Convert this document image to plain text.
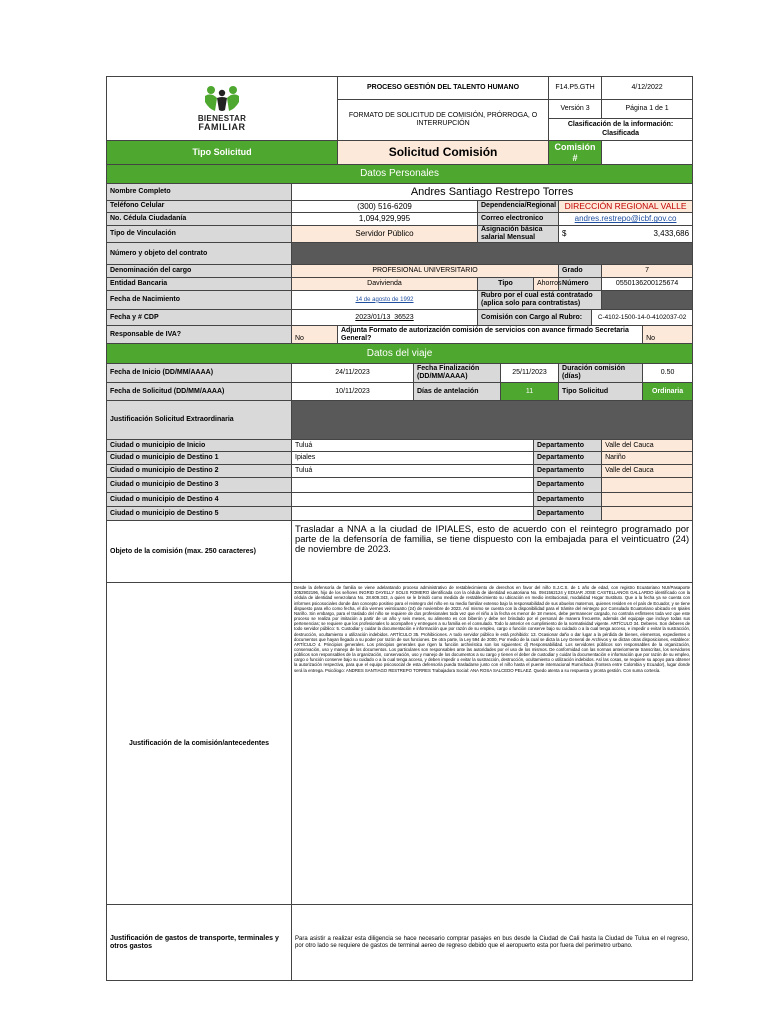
BIENESTAR
FAMILIAR		PROCESO GESTIÓN DEL TALENTO HUMANO					F14.P5.GTH			4/12/2022	
		FORMATO DE SOLICITUD DE COMISIÓN, PRÓRROGA, O INTERRUPCIÓN					Versión 3			Página 1 de 1	
							Clasificación de la información:
Clasificada				
Tipo Solicitud		Solicitud Comisión					Comisión #				
Datos Personales											
Nombre Completo	Andres Santiago Restrepo Torres										
Teléfono Celular	(300) 516-6209			Dependencia/Regional				DIRECCIÓN REGIONAL VALLE			
No. Cédula Ciudadanía	1,094,929,995			Correo electronico				andres.restrepo@icbf.gov.co			
Tipo de Vinculación	Servidor Público			Asignación básica salarial Mensual				$ 3,433,686			

Número y objeto del contrato											
Denominación del cargo	PROFESIONAL UNIVERSITARIO							Grado		7	
Entidad Bancaria	Davivienda			Tipo		Ahorros		Número		0550136200125674	
Fecha de Nacimiento	14 de agosto de 1992			Rubro por el cual está contratado (aplica solo para contratistas)							
Fecha y # CDP	2023/01/13_36523			Comisión con Cargo al Rubro:					C-4102-1500-14-0-4102037-02		
Responsable de IVA?	No	Adjunta Formato de autorización comisión de servicios con avance firmado Secretaria General?									No
Datos del viaje											
Fecha de Inicio (DD/MM/AAAA)	24/11/2023		Fecha Finalización (DD/MM/AAAA)		25/11/2023			Duración comisión (días)			0.50
Fecha de Solicitud (DD/MM/AAAA)	10/11/2023		Días de antelación		11			Tipo Solicitud			Ordinaria
Justificación Solicitud Extraordinaria											
Ciudad o municipio de Inicio	Tuluá					Departamento				Valle del Cauca	
Ciudad o municipio de Destino 1	Ipiales					Departamento				Nariño	
Ciudad o municipio de Destino 2	Tuluá					Departamento				Valle del Cauca	
Ciudad o municipio de Destino 3						Departamento					
Ciudad o municipio de Destino 4						Departamento					
Ciudad o municipio de Destino 5						Departamento					
Objeto de la comisión (max. 250 caracteres)	Trasladar a NNA a la ciudad de IPIALES, esto de acuerdo con el reintegro programado por parte de la defensoría de familia, se tiene dispuesto con la embajada para el veinticuatro (24) de noviembre de 2023.										
Justificación de la comisión/antecedentes	Desde la defensoría de familia se viene adelantando proceso administrativo de restablecimiento de derechos en favor del niño S.J.C.S. de 1 año de edad, con registro Ecuatoriano NUI/Pasaporte 3052902196, hijo de los señores INGRID DAYELLY SOLIS ROMERO identificada con la cédula de identidad ecuatoriana No. 0941562124 y EDUAR JOSE CASTELLANOS GALLARDO identificado con la cédula de identidad venezolana No. 28.609.343, a quien se le brindó como medida de restablecimiento su ubicación en medio institucional, modalidad Hogar Sustituto. Que a la fecha ya se cuenta con informes psicosociales donde dan concepto positivo para el reintegro del niño en su medio familiar extenso bajo la responsabilidad de sus abuelos maternos, quienes residen en el país de Ecuador, y se tiene dispuesto para ello como fecha, el día viernes veinticuatro (24) de noviembre de 2023. Así mismo se cuenta con la disponibilidad para el trámite del reintegro por Consulado Ecuatoriano ubicado en Ipiales Nariño. Sin embargo, para el traslado del niño se requiere de dos profesionales toda vez que el niño a la fecha es menor de 18 meses, debe permanecer cargado, no controla esfínteres toda vez que este proceso se realiza por imitación a partir de un año y seis meses, su alimento es con biberón y debe ser brindado por el personal de manera frecuente, además del equipaje que incluye todas sus pertenencias; se requiere que los profesionales lo acompañen y entreguen a su familia en el consulado. Todo lo anterior en cumplimiento de la normatividad vigente. ARTÍCULO 34. Deberes. Son deberes de todo servidor público: 5. Custodiar y cuidar la documentación e información que por razón de su empleo, cargo o función conserve bajo su cuidado o a la cual tenga acceso, e impedir o evitar la sustracción, destrucción, ocultamiento o utilización indebidos. ARTÍCULO 35. Prohibiciones. A todo servidor público le está prohibido: 13. Ocasionar daño o dar lugar a la pérdida de bienes, elementos, expedientes o documentos que hayan llegado a su poder por razón de sus funciones. De otra parte, la Ley 594 de 2000, Por medio de la cual se dicta la Ley General de Archivos y se dictan otras disposiciones, establece: ARTÍCULO 4. Principios generales. Los principios generales que rigen la función archivística son los siguientes: d) Responsabilidad. Los servidores públicos son responsables de la organización, conservación, uso y manejo de los documentos. Los particulares son responsables ante las autoridades por el uso de los mismos. De conformidad con las normas anteriormente transcritas, los servidores públicos son responsables de la organización, conservación, uso y manejo de los documentos a su cargo y tienen el deber de custodiar y cuidar la documentación e información que por razón de su empleo, cargo o función conserve bajo su cuidado o a la cual tenga acceso, y deben impedir o evitar la sustracción, destrucción, ocultamiento o utilización indebidos. Así las cosas, se requiere su apoyo para obtener la autorización respectiva, para que el equipo psicosocial de esta defensoría pueda trasladarse junto con el niño hasta el puente internacional Rumichaca (frontera entre Colombia y Ecuador), lugar donde será la entrega. Psicólogo: ANDRES SANTIAGO RESTREPO TORRES Trabajadora Social: ANA ROSA SALCEDO PELAEZ. Quedo atenta a su respuesta y pronta gestión. Con suma cortesía.										
Justificación de gastos de transporte, terminales y otros gastos	Para asistir a realizar esta diligencia se hace necesario comprar pasajes en bus desde la Ciudad de Cali hasta la Ciudad de Tulua en el regreso, por otro lado se requiere de gastos de terminal aereo de regreso debido que el aeropuerto esta por fuera del perimetro urbano.										
